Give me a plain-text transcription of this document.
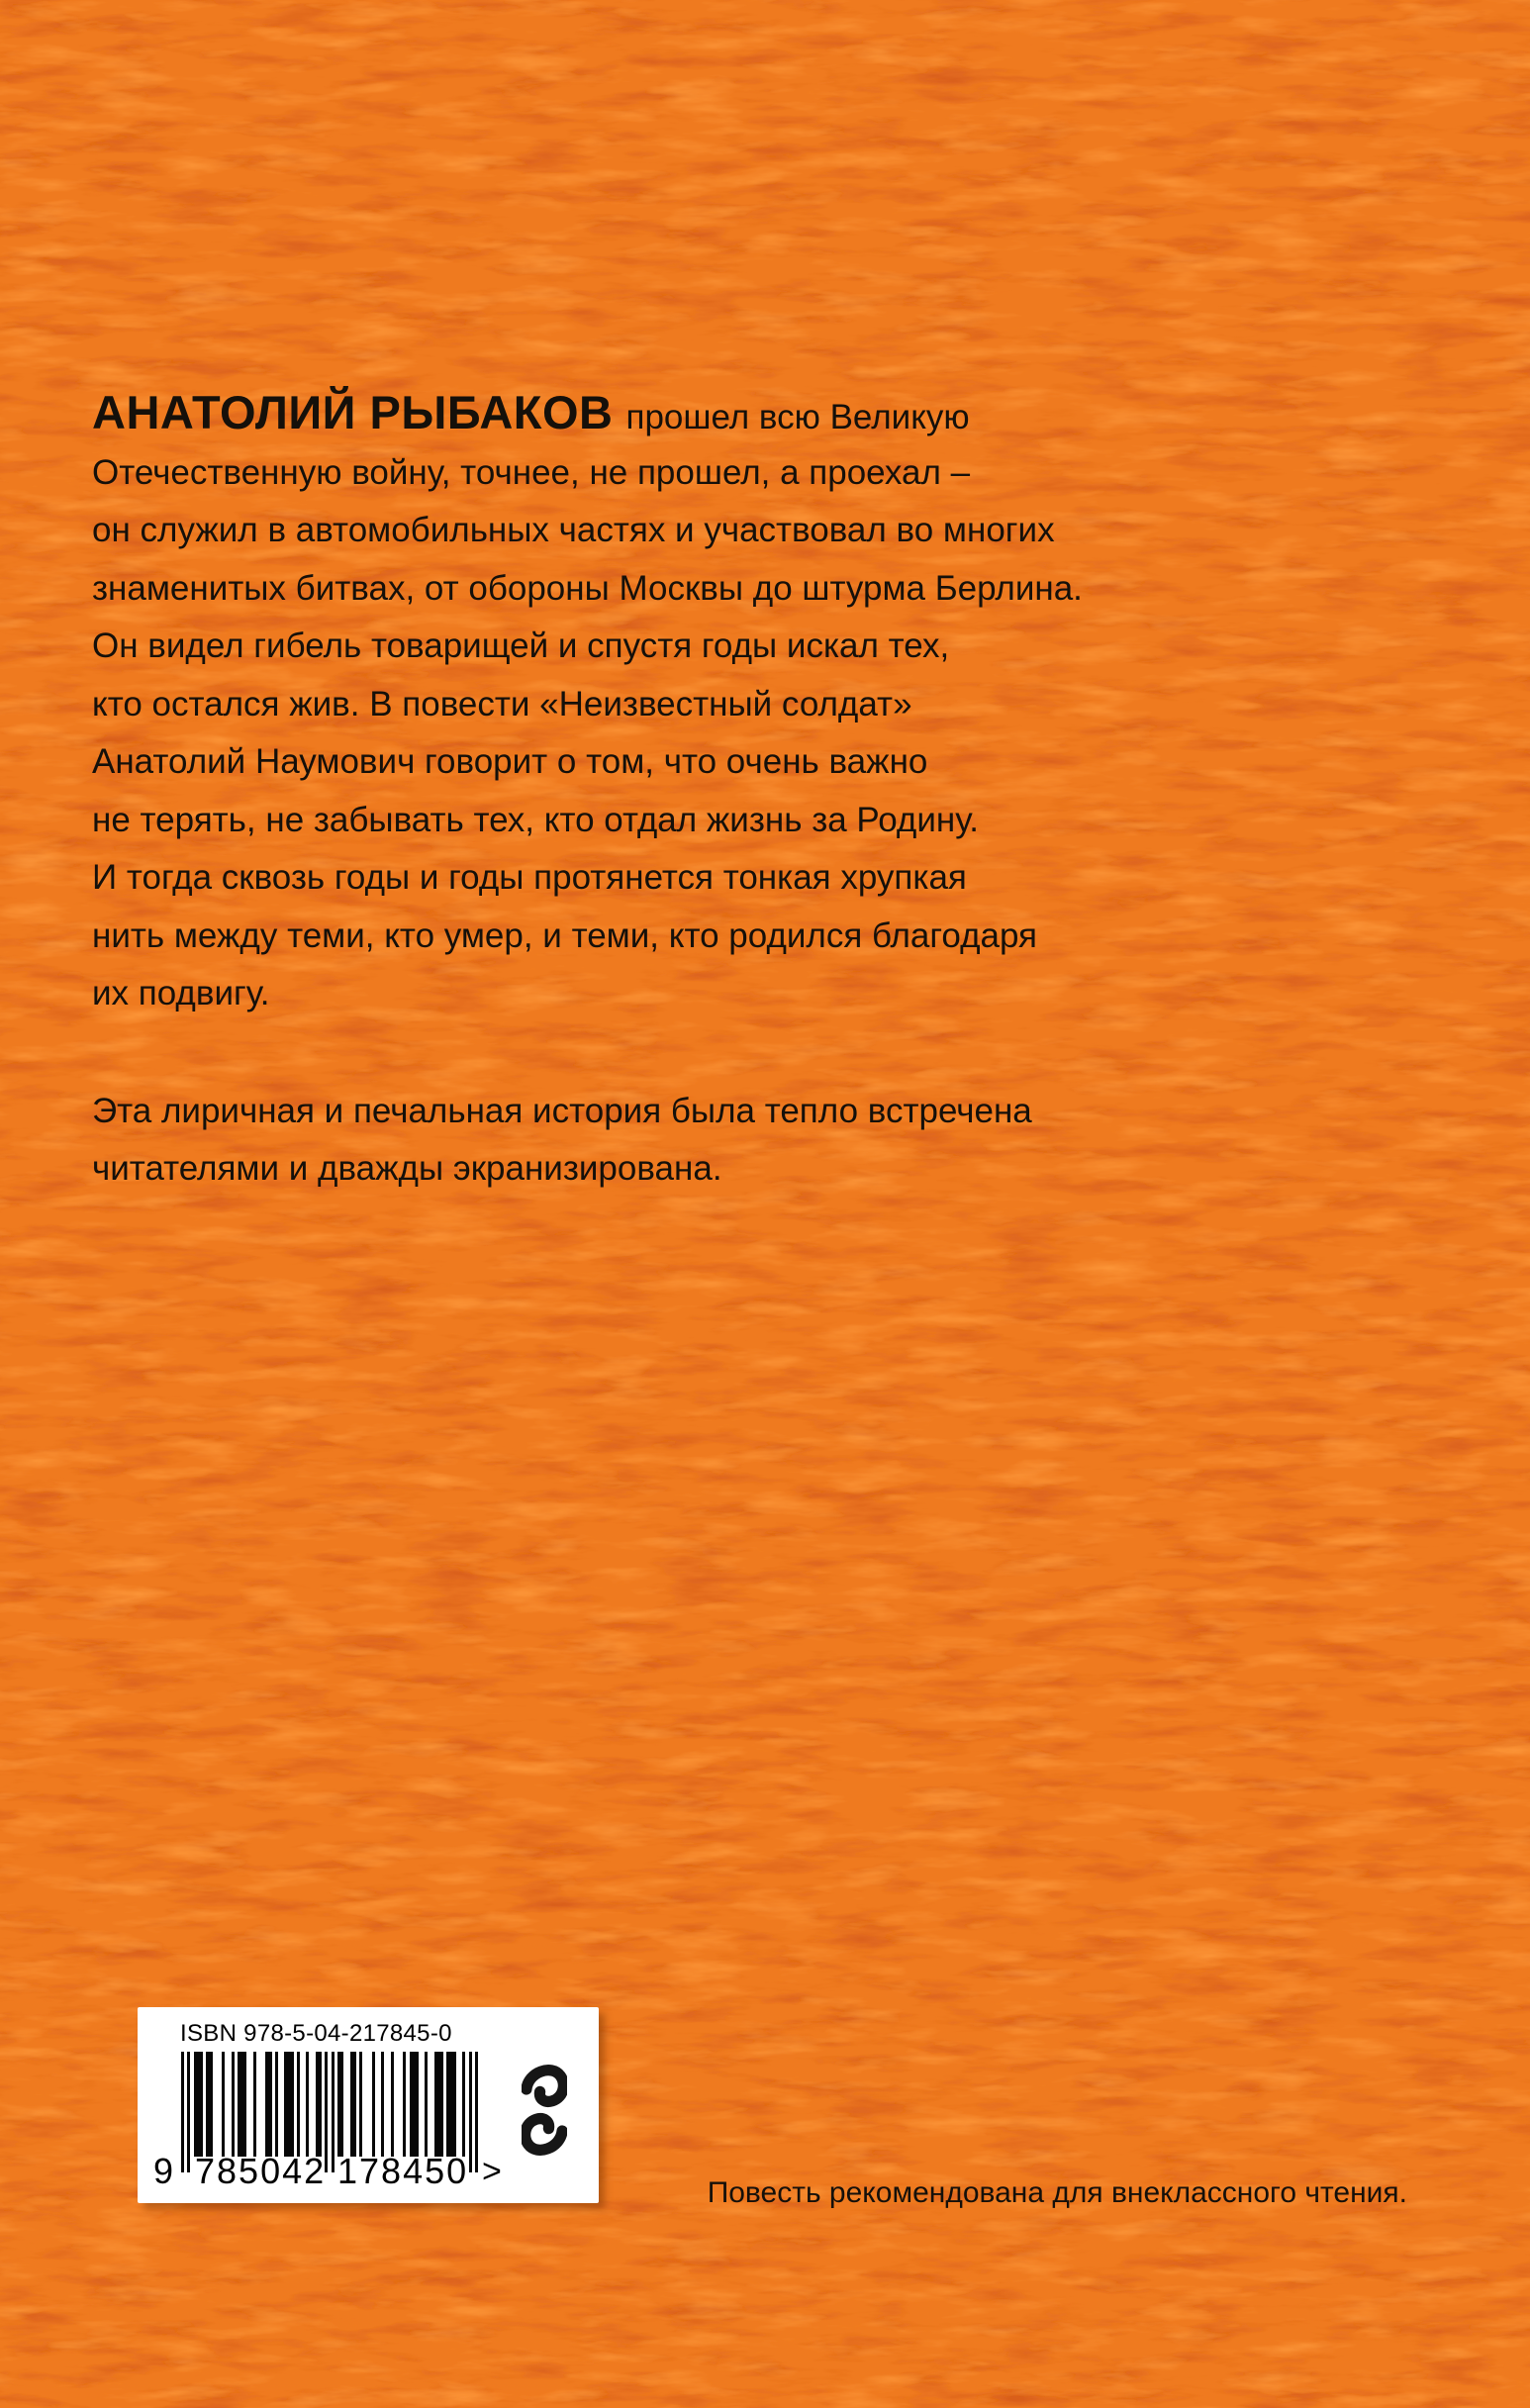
АНАТОЛИЙ РЫБАКОВ прошел всю Великую
Отечественную войну, точнее, не прошел, а проехал –
он служил в автомобильных частях и участвовал во многих
знаменитых битвах, от обороны Москвы до штурма Берлина.
Он видел гибель товарищей и спустя годы искал тех,
кто остался жив. В повести «Неизвестный солдат»
Анатолий Наумович говорит о том, что очень важно
не терять, не забывать тех, кто отдал жизнь за Родину.
И тогда сквозь годы и годы протянется тонкая хрупкая
нить между теми, кто умер, и теми, кто родился благодаря
их подвигу.
Эта лиричная и печальная история была тепло встречена
читателями и дважды экранизирована.
ISBN 978-5-04-217845-0
9 785042 178450 >
Повесть рекомендована для внеклассного чтения.
